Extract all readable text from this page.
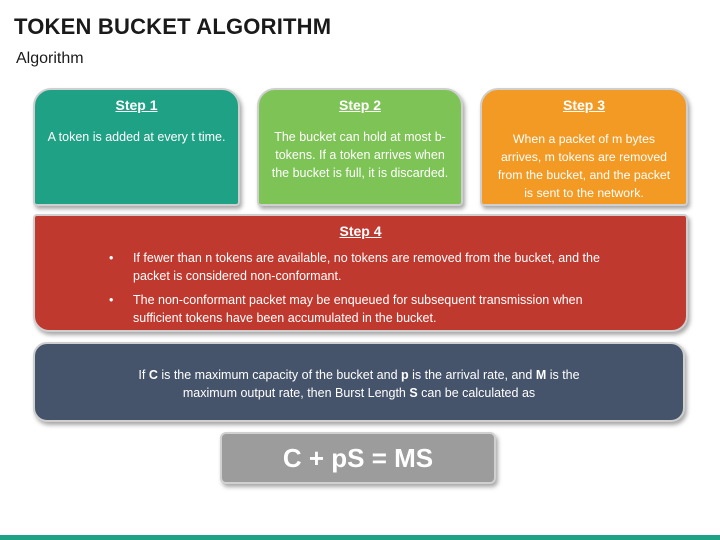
TOKEN BUCKET ALGORITHM
Algorithm
Step 1
A token is added at every t time.
Step 2
The bucket can hold at most b-tokens. If a token arrives when the bucket is full, it is discarded.
Step 3
When a packet of m bytes arrives, m tokens are removed from the bucket, and the packet is sent to the network.
Step 4
• If fewer than n tokens are available, no tokens are removed from the bucket, and the packet is considered non-conformant.
• The non-conformant packet may be enqueued for subsequent transmission when sufficient tokens have been accumulated in the bucket.
If C is the maximum capacity of the bucket and p is the arrival rate, and M is the maximum output rate, then Burst Length S can be calculated as
C + pS = MS
